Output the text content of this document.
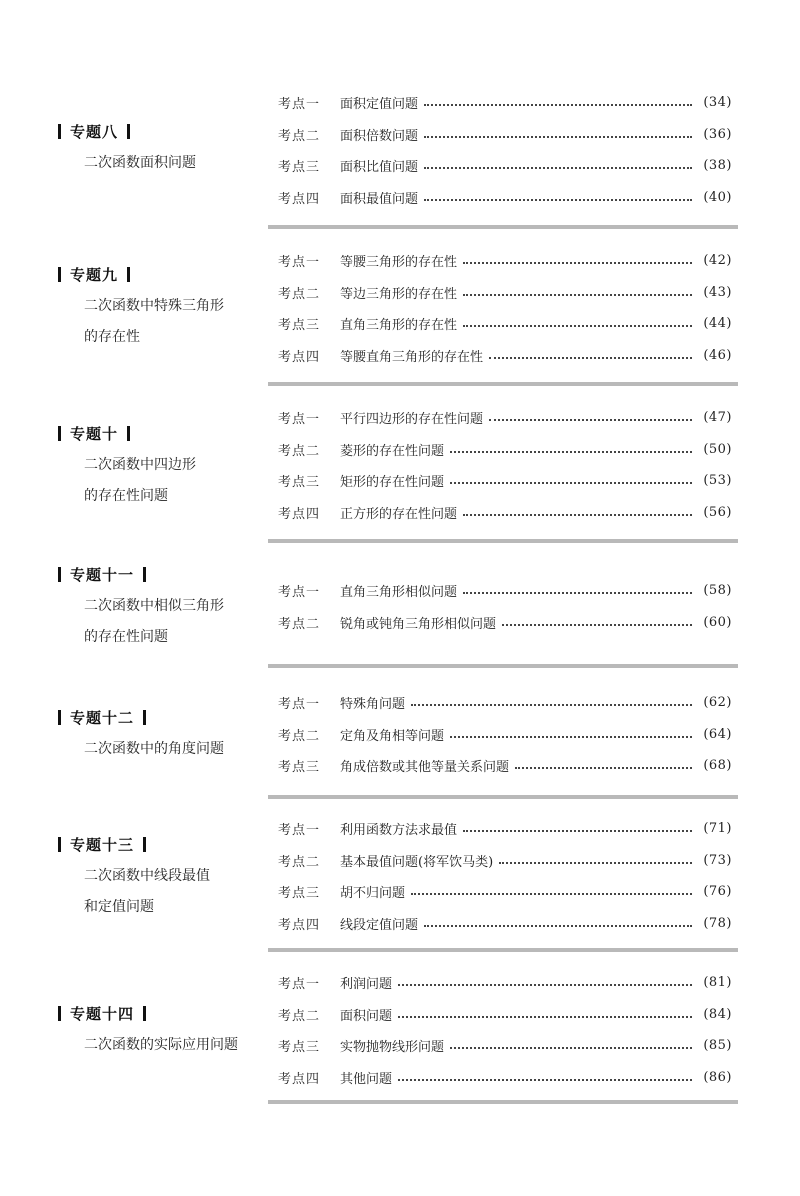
专题八
二次函数面积问题
考点一	面积定值问题	(34)
考点二	面积倍数问题	(36)
考点三	面积比值问题	(38)
考点四	面积最值问题	(40)
专题九
二次函数中特殊三角形
的存在性
考点一	等腰三角形的存在性	(42)
考点二	等边三角形的存在性	(43)
考点三	直角三角形的存在性	(44)
考点四	等腰直角三角形的存在性	(46)
专题十
二次函数中四边形
的存在性问题
考点一	平行四边形的存在性问题	(47)
考点二	菱形的存在性问题	(50)
考点三	矩形的存在性问题	(53)
考点四	正方形的存在性问题	(56)
专题十一
二次函数中相似三角形
的存在性问题
考点一	直角三角形相似问题	(58)
考点二	锐角或钝角三角形相似问题	(60)
专题十二
二次函数中的角度问题
考点一	特殊角问题	(62)
考点二	定角及角相等问题	(64)
考点三	角成倍数或其他等量关系问题	(68)
专题十三
二次函数中线段最值
和定值问题
考点一	利用函数方法求最值	(71)
考点二	基本最值问题(将军饮马类)	(73)
考点三	胡不归问题	(76)
考点四	线段定值问题	(78)
专题十四
二次函数的实际应用问题
考点一	利润问题	(81)
考点二	面积问题	(84)
考点三	实物抛物线形问题	(85)
考点四	其他问题	(86)
